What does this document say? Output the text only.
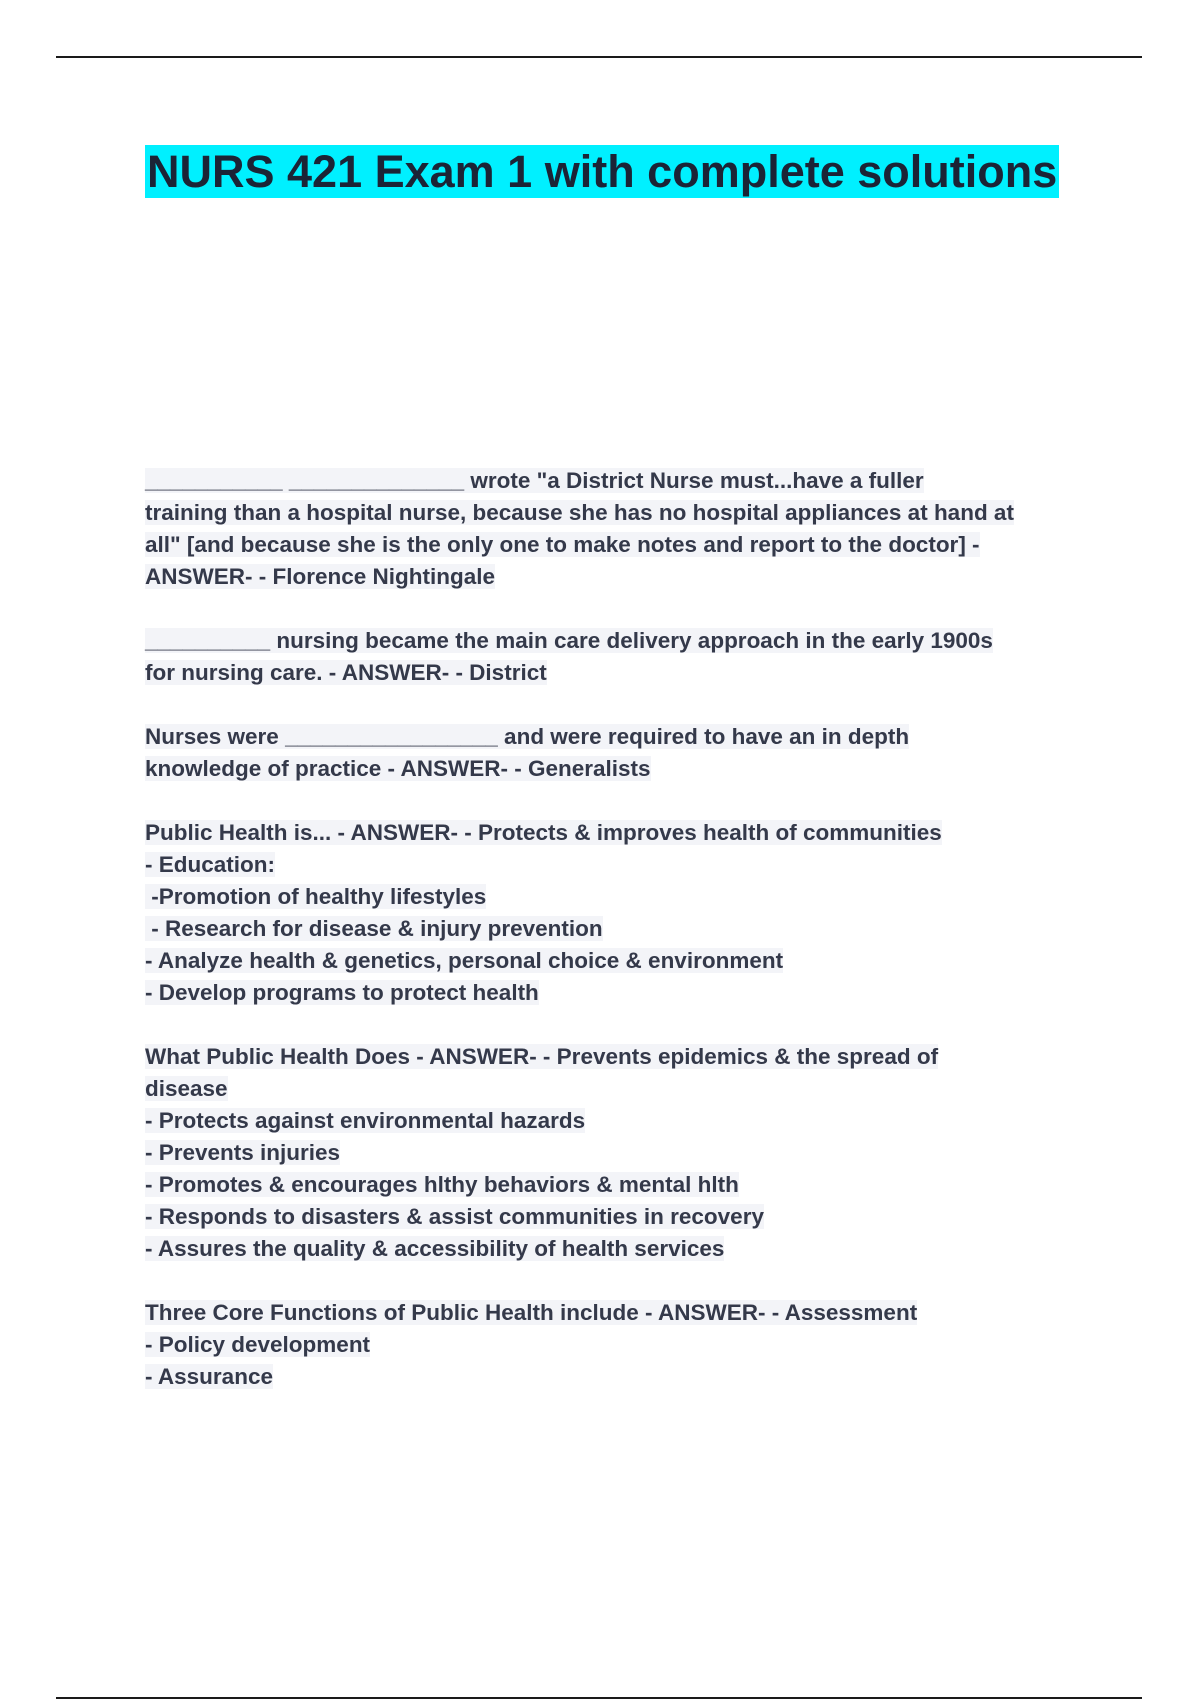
NURS 421 Exam 1 with complete solutions
___________ ______________ wrote "a District Nurse must...have a fuller
training than a hospital nurse, because she has no hospital appliances at hand at
all" [and because she is the only one to make notes and report to the doctor] -
ANSWER- - Florence Nightingale
__________ nursing became the main care delivery approach in the early 1900s
for nursing care. - ANSWER- - District
Nurses were _________________ and were required to have an in depth
knowledge of practice - ANSWER- - Generalists
Public Health is... - ANSWER- - Protects & improves health of communities
- Education:
-Promotion of healthy lifestyles
- Research for disease & injury prevention
- Analyze health & genetics, personal choice & environment
- Develop programs to protect health
What Public Health Does - ANSWER- - Prevents epidemics & the spread of
disease
- Protects against environmental hazards
- Prevents injuries
- Promotes & encourages hlthy behaviors & mental hlth
- Responds to disasters & assist communities in recovery
- Assures the quality & accessibility of health services
Three Core Functions of Public Health include - ANSWER- - Assessment
- Policy development
- Assurance
